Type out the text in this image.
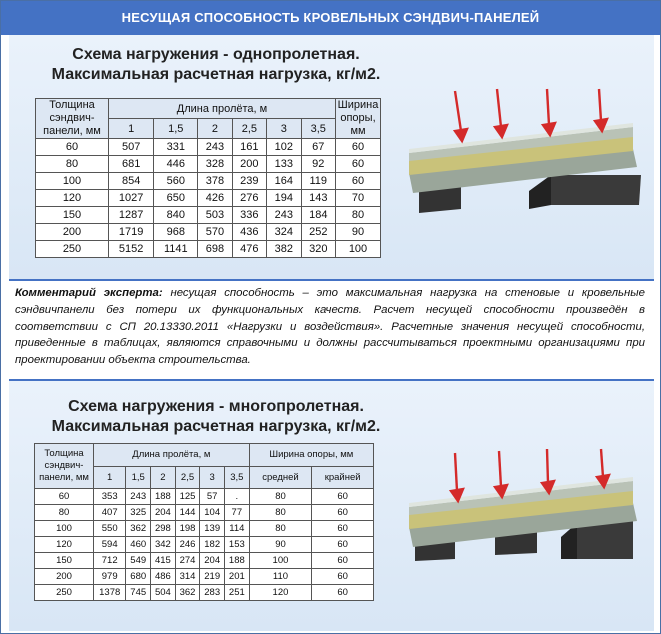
НЕСУЩАЯ СПОСОБНОСТЬ КРОВЕЛЬНЫХ СЭНДВИЧ-ПАНЕЛЕЙ
Схема нагружения - однопролетная.
Максимальная расчетная нагрузка, кг/м2.
Толщина сэндвич-панели, мм	Длина пролёта, м						Ширина опоры, мм
	1	1,5	2	2,5	3	3,5	
60	507	331	243	161	102	67	60
80	681	446	328	200	133	92	60
100	854	560	378	239	164	119	60
120	1027	650	426	276	194	143	70
150	1287	840	503	336	243	184	80
200	1719	968	570	436	324	252	90
250	5152	1141	698	476	382	320	100
Комментарий эксперта: несущая способность – это максимальная нагрузка на стеновые и кровельные сэндвичпанели без потери их функциональных качеств. Расчет несущей способности произведён в соответствии с СП 20.13330.2011 «Нагрузки и воздействия». Расчетные значения несущей способности, приведенные в таблицах, являются справочными и должны рассчитываться проектными организациями при проектировании объекта строительства.
Схема нагружения - многопролетная.
Максимальная расчетная нагрузка, кг/м2.
Толщина сэндвич-панели, мм	Длина пролёта, м						Ширина опоры, мм	
	1	1,5	2	2,5	3	3,5	средней	крайней
60	353	243	188	125	57	.	80	60
80	407	325	204	144	104	77	80	60
100	550	362	298	198	139	114	80	60
120	594	460	342	246	182	153	90	60
150	712	549	415	274	204	188	100	60
200	979	680	486	314	219	201	110	60
250	1378	745	504	362	283	251	120	60
